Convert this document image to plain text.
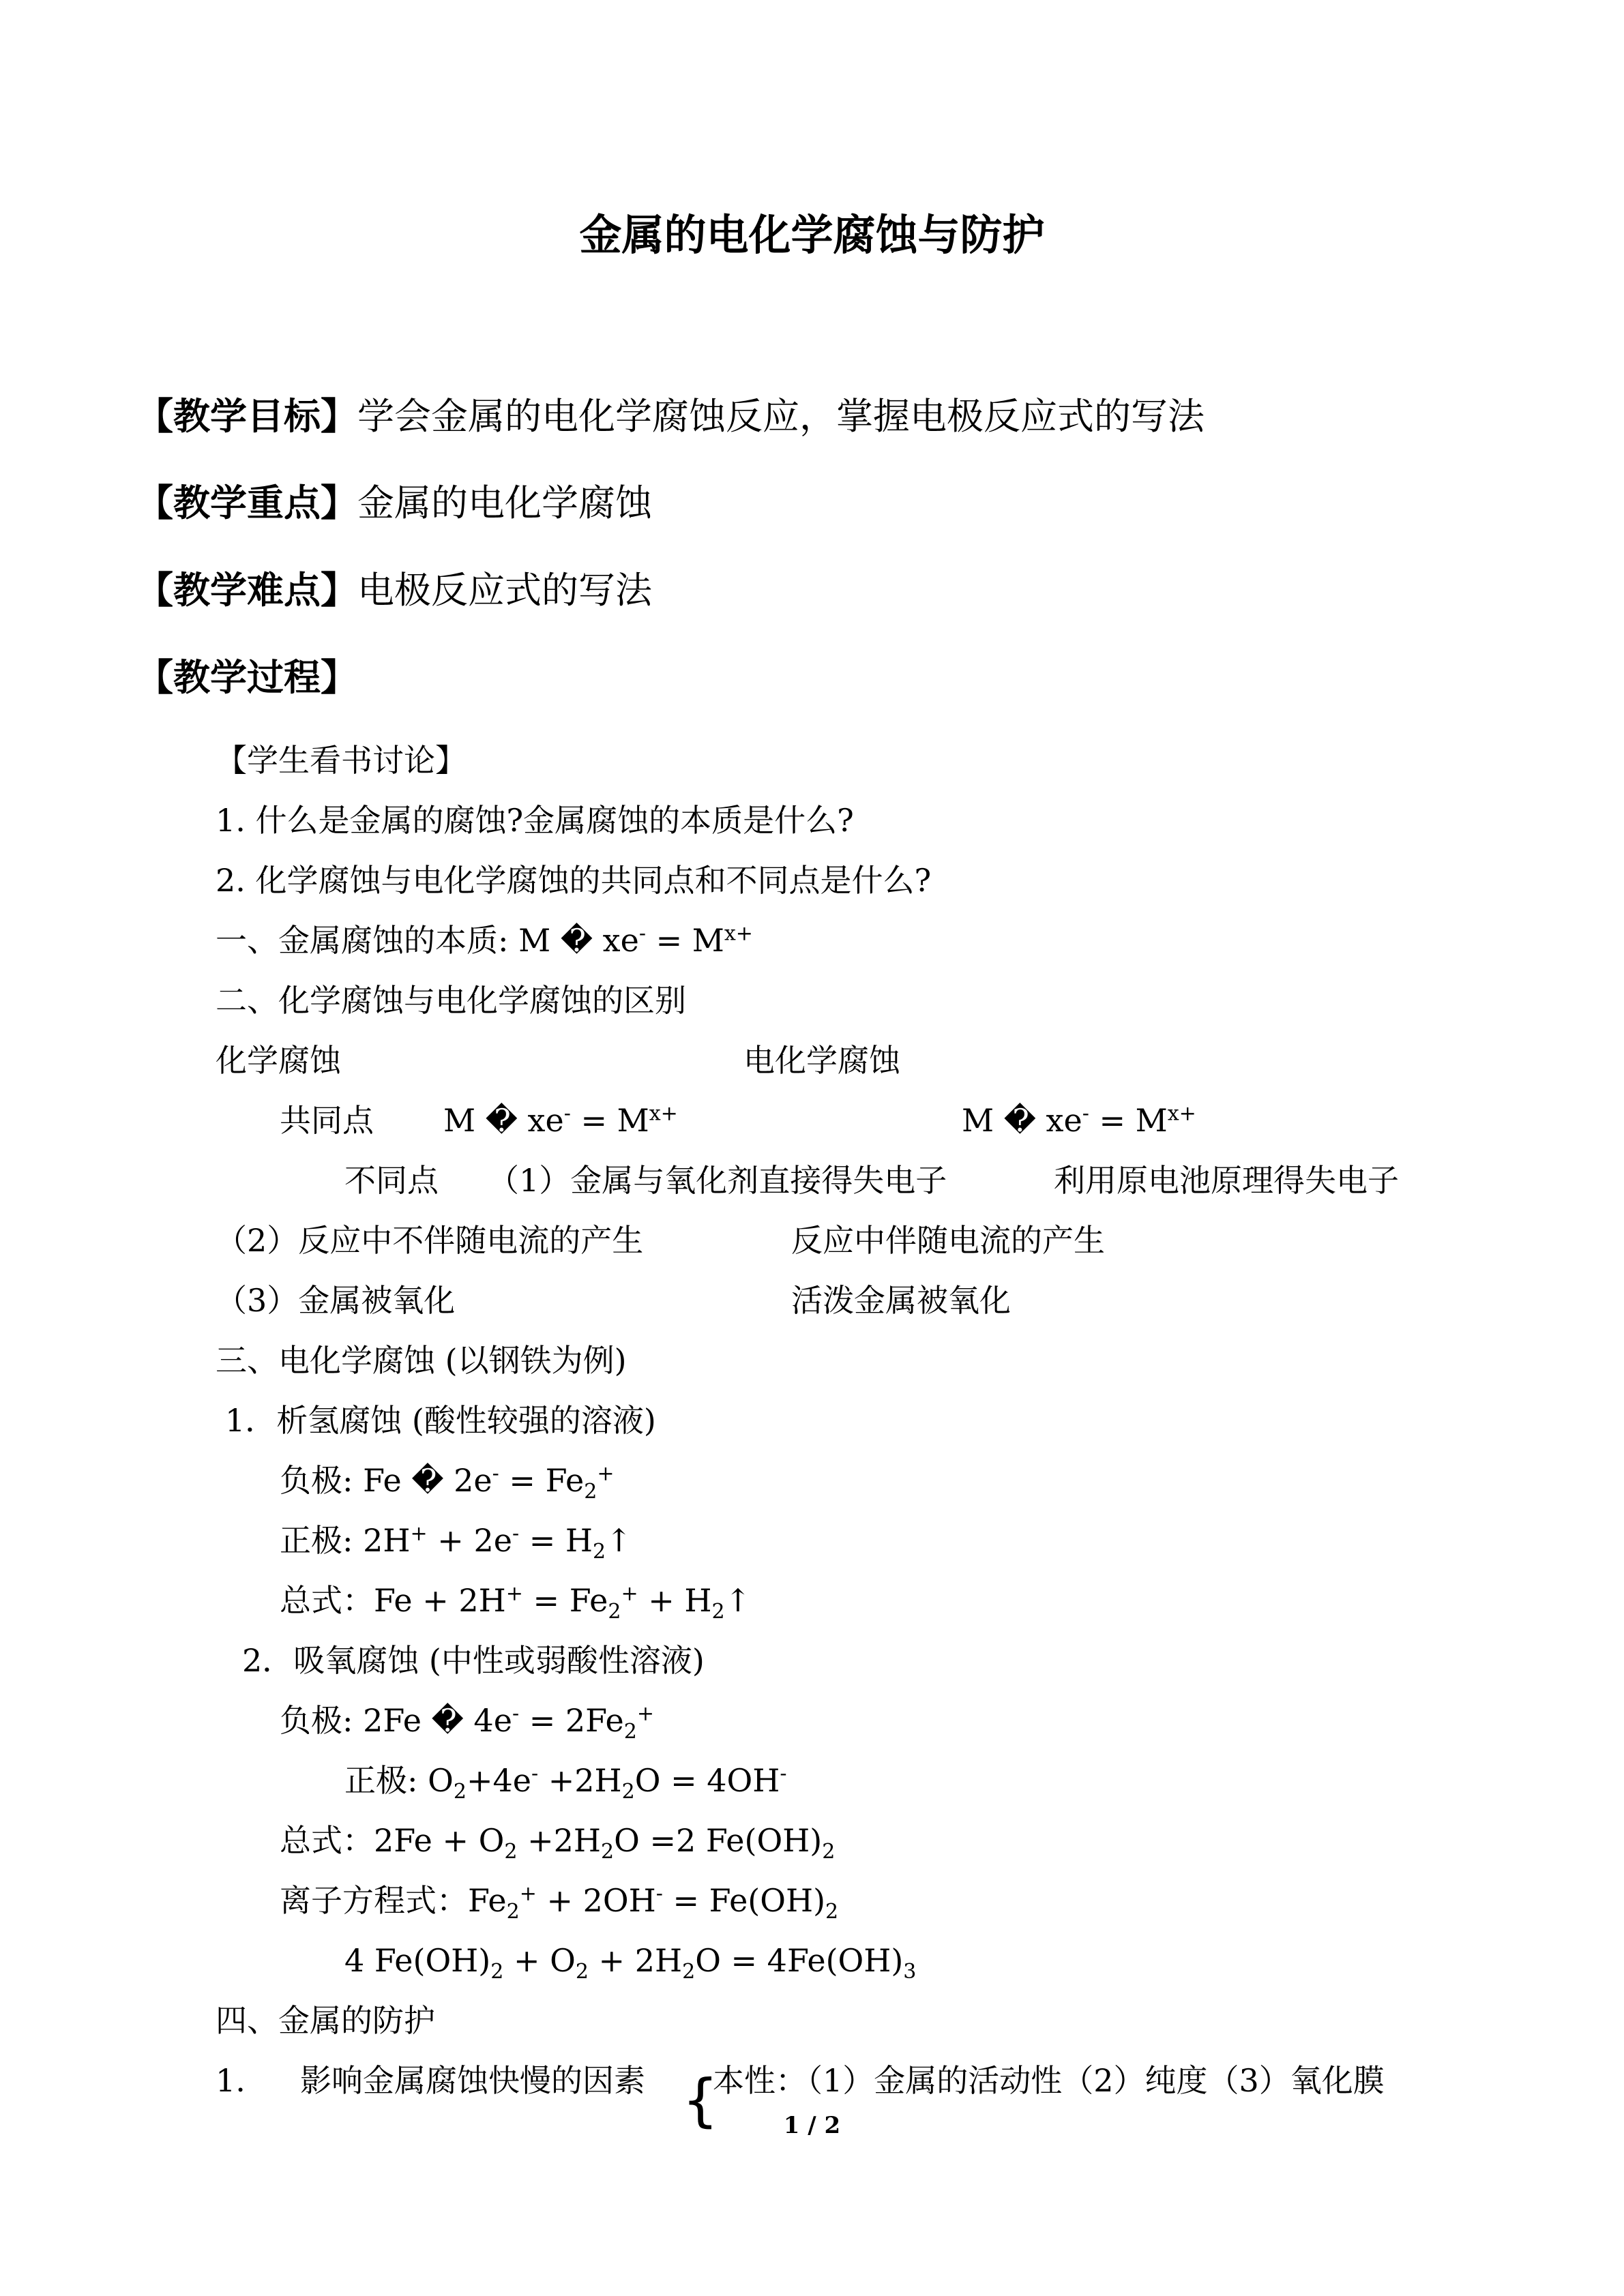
金属的电化学腐蚀与防护
【教学目标】学会金属的电化学腐蚀反应，掌握电极反应式的写法
【教学重点】金属的电化学腐蚀
【教学难点】电极反应式的写法
【教学过程】
【学生看书讨论】
1. 什么是金属的腐蚀?金属腐蚀的本质是什么?
2. 化学腐蚀与电化学腐蚀的共同点和不同点是什么?
一、金属腐蚀的本质: M � $xe^- = M^{x+}$
二、化学腐蚀与电化学腐蚀的区别
化学腐蚀	电化学腐蚀
共同点 M � $xe^- = M^{x+}$	M � $xe^- = M^{x+}$
不同点 （1）金属与氧化剂直接得失电子	利用原电池原理得失电子
（2）反应中不伴随电流的产生	反应中伴随电流的产生
（3）金属被氧化	活泼金属被氧化
三、电化学腐蚀 (以钢铁为例)
1．析氢腐蚀 (酸性较强的溶液)
负极: Fe � $2e^- = Fe_2^+$
正极: $2H^+ + 2e^- = H_2↑$
总式：$Fe + 2H^+ = Fe_2^+$ + $H_2↑$
2．吸氧腐蚀 (中性或弱酸性溶液)
负极: 2Fe � $4e^- = 2Fe_2^+$
正极: $O_2+4e^- +2H_2O = 4OH^-$
总式：$2Fe + O_2 +2H_2O =2$ $Fe(OH)_2$
离子方程式：$Fe_2^+ + 2OH^- = Fe(OH)_2$
4 $Fe(OH)_2 + O_2 + 2H_2O = 4Fe(OH)_3$
四、金属的防护
1. 影响金属腐蚀快慢的因素 {
本性：（1）金属的活动性（2）纯度（3）氧化膜
1 / 2
